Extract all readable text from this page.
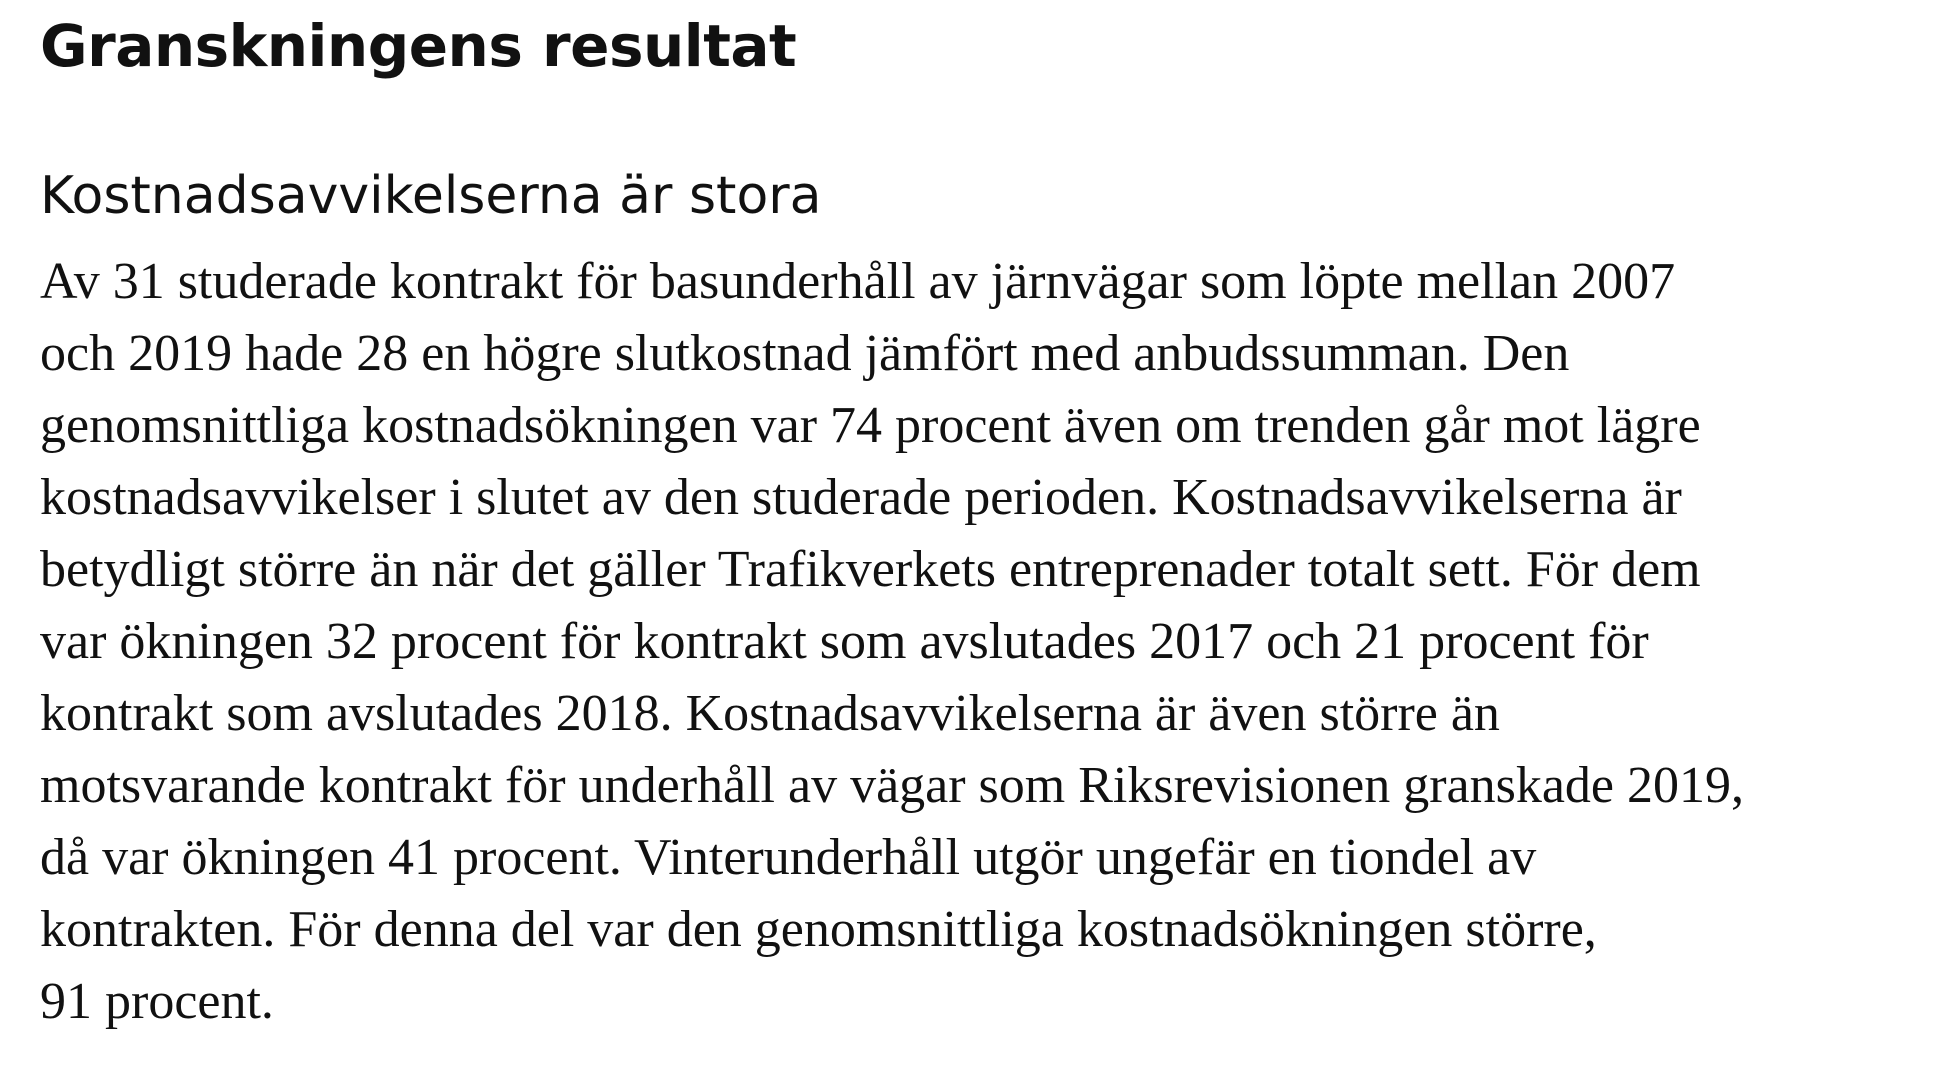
Granskningens resultat
Kostnadsavvikelserna är stora

Av 31 studerade kontrakt för basunderhåll av järnvägar som löpte mellan 2007
och 2019 hade 28 en högre slutkostnad jämfört med anbudssumman. Den
genomsnittliga kostnadsökningen var 74 procent även om trenden går mot lägre
kostnadsavvikelser i slutet av den studerade perioden. Kostnadsavvikelserna är
betydligt större än när det gäller Trafikverkets entreprenader totalt sett. För dem
var ökningen 32 procent för kontrakt som avslutades 2017 och 21 procent för
kontrakt som avslutades 2018. Kostnadsavvikelserna är även större än
motsvarande kontrakt för underhåll av vägar som Riksrevisionen granskade 2019,
då var ökningen 41 procent. Vinterunderhåll utgör ungefär en tiondel av
kontrakten. För denna del var den genomsnittliga kostnadsökningen större,
91 procent.
